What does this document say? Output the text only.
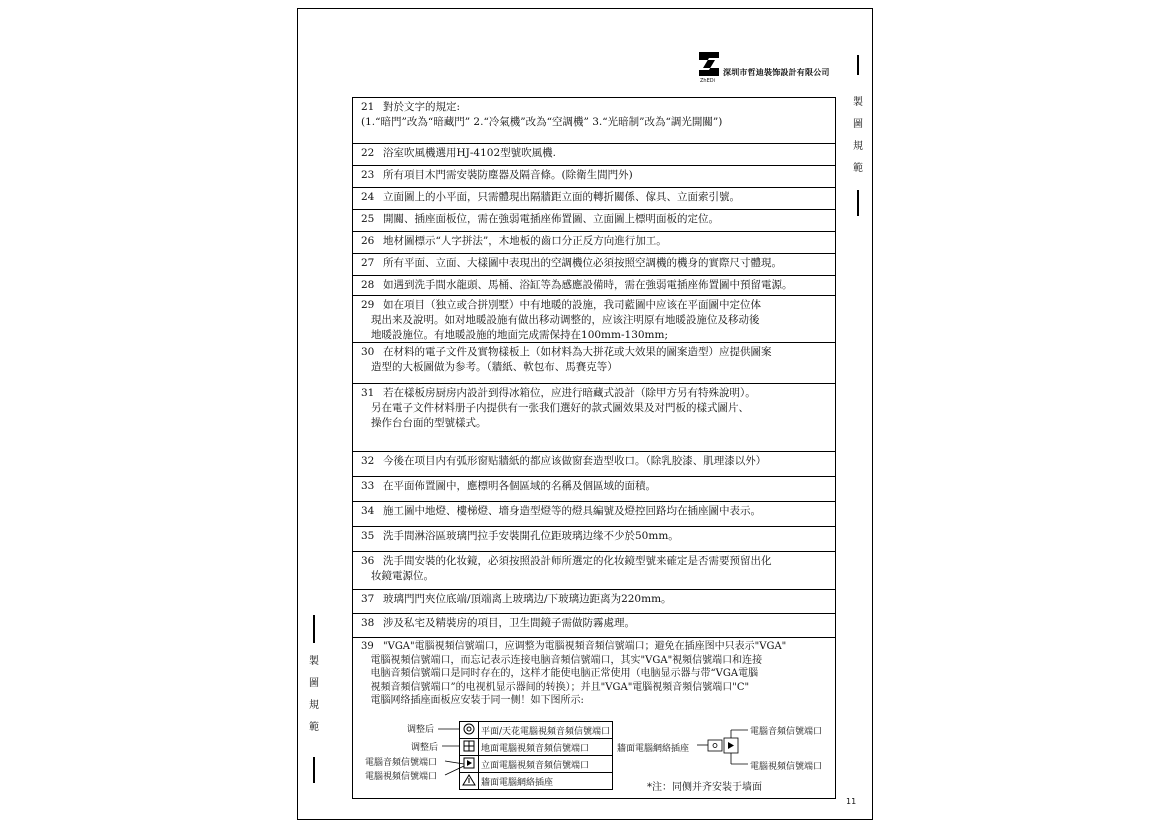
ZhEDi
深圳市哲迪裝饰設計有限公司
製
圖
規
範
製
圖
規
範
21 對於文字的規定:
(1.“暗門”改為“暗藏門” 2.“冷氣機”改為“空調機” 3.“光暗制”改為“調光開關”)
22 浴室吹風機選用HJ-4102型號吹風機.
23 所有項目木門需安裝防塵器及隔音條。(除衛生間門外)
24 立面圖上的小平面，只需體現出隔牆距立面的轉折關係、傢具、立面索引號。
25 開關、插座面板位，需在強弱電插座佈置圖、立面圖上標明面板的定位。
26 地材圖標示“人字拼法”，木地板的齒口分正反方向進行加工。
27 所有平面、立面、大樣圖中表現出的空調機位必須按照空調機的機身的實際尺寸體現。
28 如遇到洗手間水龍頭、馬桶、浴缸等為感應設備時，需在強弱電插座佈置圖中預留電源。
29 如在項目（独立或合拼別墅）中有地暖的設施，我司藍圖中应该在平面圖中定位体
現出来及說明。如对地暖設施有做出移动调整的，应该注明原有地暖設施位及移动後
地暖設施位。有地暖設施的地面完成需保持在100mm-130mm;
30 在材料的電子文件及實物樣板上（如材料為大拼花或大效果的圖案造型）应提供圖案
造型的大板圖做为参考。（牆紙、軟包布、馬賽克等）
31 若在樣板房厨房内設計到得冰箱位，应进行暗藏式設計（除甲方另有特殊說明）。
另在電子文件材料册子内提供有一张我们選好的款式圖效果及对門板的樣式圖片、
操作台台面的型號樣式。
32 今後在项目内有弧形窗贴牆紙的都应该做窗套造型收口。（除乳胶漆、肌理漆以外）
33 在平面佈置圖中，應標明各個區域的名稱及個區域的面積。
34 施工圖中地燈、樓梯燈、墻身造型燈等的燈具編號及燈控回路均在插座圖中表示。
35 洗手間淋浴區玻璃門拉手安裝開孔位距玻璃边缘不少於50mm。
36 洗手間安裝的化妆鏡，必須按照設計师所選定的化妆鏡型號来確定是否需要预留出化
妆鏡電源位。
37 玻璃門門夾位底端/頂端离上玻璃边/下玻璃边距离为220mm。
38 涉及私宅及精裝房的項目，卫生間鏡子需做防霧處理。
39 "VGA"電腦視頻信號端口，应调整为電腦視頻音頻信號端口；避免在插座图中只表示"VGA"
電腦視頻信號端口，而忘记表示连接电脑音頻信號端口，其实"VGA"視頻信號端口和连接
电脑音頻信號端口是同时存在的，这样才能使电脑正常使用（电脑显示器与带“VGA電腦
視頻音頻信號端口”的电视机显示器间的转换）；并且"VGA"電腦視頻音頻信號端口"C"
電腦网络插座面板应安装于同一侧！如下图所示:
调整后
调整后
電腦音頻信號端口
電腦視頻信號端口
	平面/天花電腦視頻音頻信號端口
	地面電腦視頻音頻信號端口
	立面電腦視頻音頻信號端口
	牆面電腦網絡插座
牆面電腦網絡插座
電腦音頻信號端口
電腦視頻信號端口
*注：同侧并齐安装于墙面
11
